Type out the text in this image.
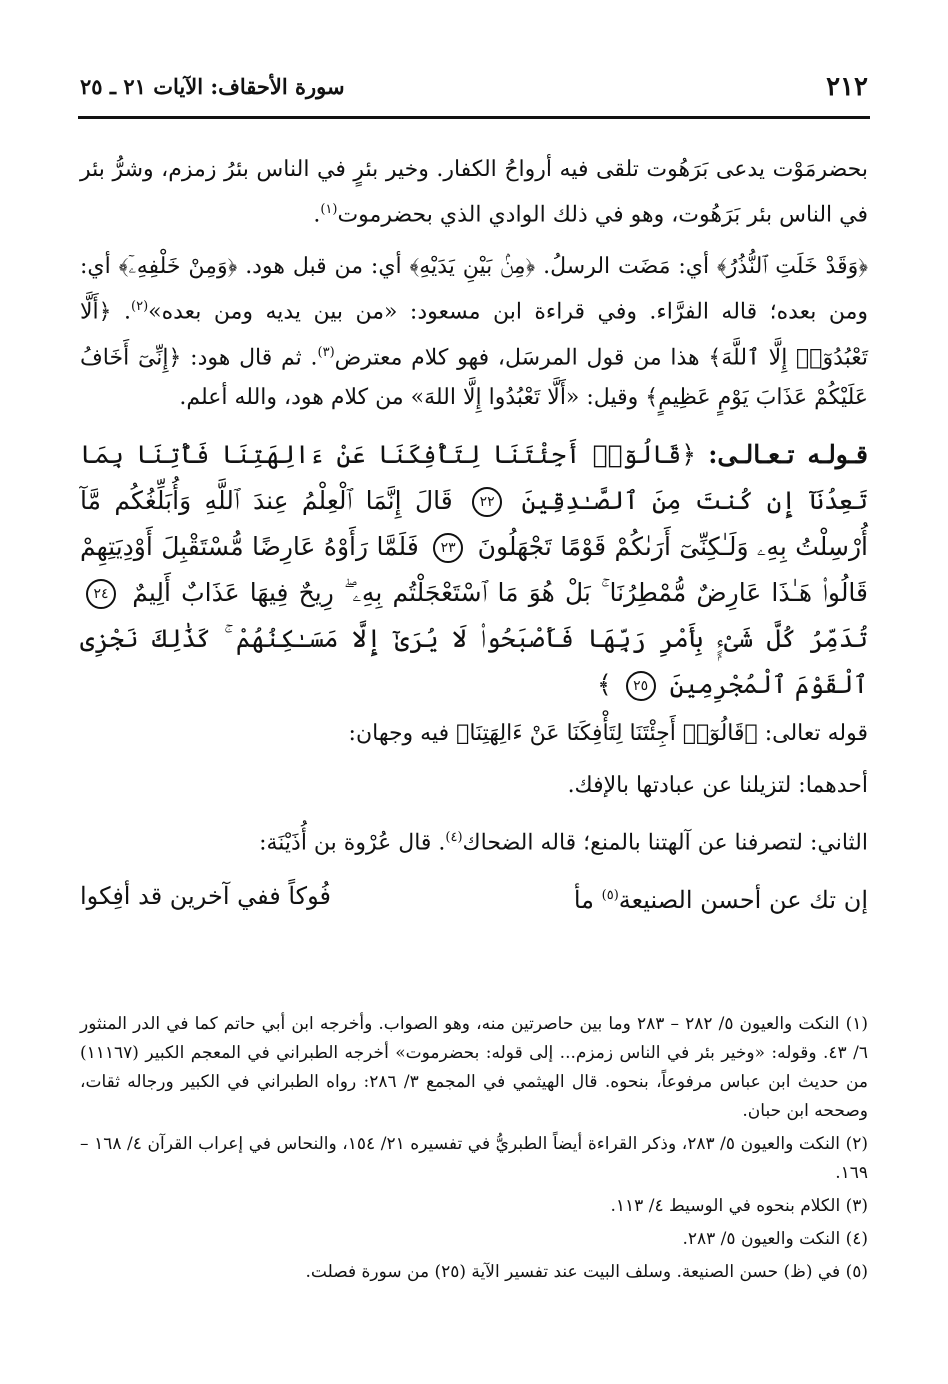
٢١٢
سورة الأحقاف: الآيات ٢١ ـ ٢٥

بحضرمَوْت يدعى بَرَهُوت تلقى فيه أرواحُ الكفار. وخير بئرٍ في الناس بئرُ زمزم، وشرُّ بئر في الناس بئر بَرَهُوت، وهو في ذلك الوادي الذي بحضرموت$^{(١)}$.

﴿وَقَدْ خَلَتِ ٱلنُّذُرُ﴾ أي: مَضَت الرسلُ. ﴿مِنۢ بَيْنِ يَدَيْهِ﴾ أي: من قبل هود. ﴿وَمِنْ خَلْفِهِۦٓ﴾ أي: ومن بعده؛ قاله الفرَّاء. وفي قراءة ابن مسعود: «من بين يديه ومن بعده»$^{(٢)}$. ﴿أَلَّا تَعْبُدُوٓا۟ إِلَّا ٱللَّهَ﴾ هذا من قول المرسَل، فهو كلام معترض$^{(٣)}$. ثم قال هود: ﴿إِنِّىٓ أَخَافُ عَلَيْكُمْ عَذَابَ يَوْمٍ عَظِيمٍ﴾ وقيل: «أَلَّا تَعْبُدُوا إِلَّا اللهَ» من كلام هود، والله أعلم.

قـولـه تـعـالـى: ﴿قَالُوٓا۟ أَجِئْتَنَا لِتَأْفِكَنَا عَنْ ءَالِهَتِنَا فَأْتِنَا بِمَا تَعِدُنَآ إِن كُنتَ مِنَ ٱلصَّـٰدِقِينَ ٢٢ قَالَ إِنَّمَا ٱلْعِلْمُ عِندَ ٱللَّهِ وَأُبَلِّغُكُم مَّآ أُرْسِلْتُ بِهِۦ وَلَـٰكِنِّىٓ أَرَىٰكُمْ قَوْمًا تَجْهَلُونَ ٢٣ فَلَمَّا رَأَوْهُ عَارِضًا مُّسْتَقْبِلَ أَوْدِيَتِهِمْ قَالُوا۟ هَـٰذَا عَارِضٌ مُّمْطِرُنَا ۚ بَلْ هُوَ مَا ٱسْتَعْجَلْتُم بِهِۦ ۖ رِيحٌ فِيهَا عَذَابٌ أَلِيمٌ ٢٤ تُدَمِّرُ كُلَّ شَىْءٍۭ بِأَمْرِ رَبِّهَا فَأَصْبَحُوا۟ لَا يُرَىٰٓ إِلَّا مَسَـٰكِنُهُمْ ۚ كَذَ‌ٰلِكَ نَجْزِى ٱلْقَوْمَ ٱلْمُجْرِمِينَ ٢٥ ﴾

قوله تعالى: ﴿قَالُوٓا۟ أَجِئْتَنَا لِتَأْفِكَنَا عَنْ ءَالِهَتِنَا﴾ فيه وجهان:

أحدهما: لتزيلنا عن عبادتها بالإفك.

الثاني: لتصرفنا عن آلهتنا بالمنع؛ قاله الضحاك$^{(٤)}$. قال عُرْوة بن أُذَيْنَة:

إن تك عن أحسن الصنيعة$^{(٥)}$ مأ
فُوكاً ففي آخرين قد أفِكوا

(١) النكت والعيون ٥/ ٢٨٢ – ٢٨٣ وما بين حاصرتين منه، وهو الصواب. وأخرجه ابن أبي حاتم كما في الدر المنثور ٦/ ٤٣. وقوله: «وخير بئر في الناس زمزم... إلى قوله: بحضرموت» أخرجه الطبراني في المعجم الكبير (١١١٦٧) من حديث ابن عباس مرفوعاً، بنحوه. قال الهيثمي في المجمع ٣/ ٢٨٦: رواه الطبراني في الكبير ورجاله ثقات، وصححه ابن حبان.

(٢) النكت والعيون ٥/ ٢٨٣، وذكر القراءة أيضاً الطبريُّ في تفسيره ٢١/ ١٥٤، والنحاس في إعراب القرآن ٤/ ١٦٨ – ١٦٩.

(٣) الكلام بنحوه في الوسيط ٤/ ١١٣.

(٤) النكت والعيون ٥/ ٢٨٣.

(٥) في (ظ) حسن الصنيعة. وسلف البيت عند تفسير الآية (٢٥) من سورة فصلت.
